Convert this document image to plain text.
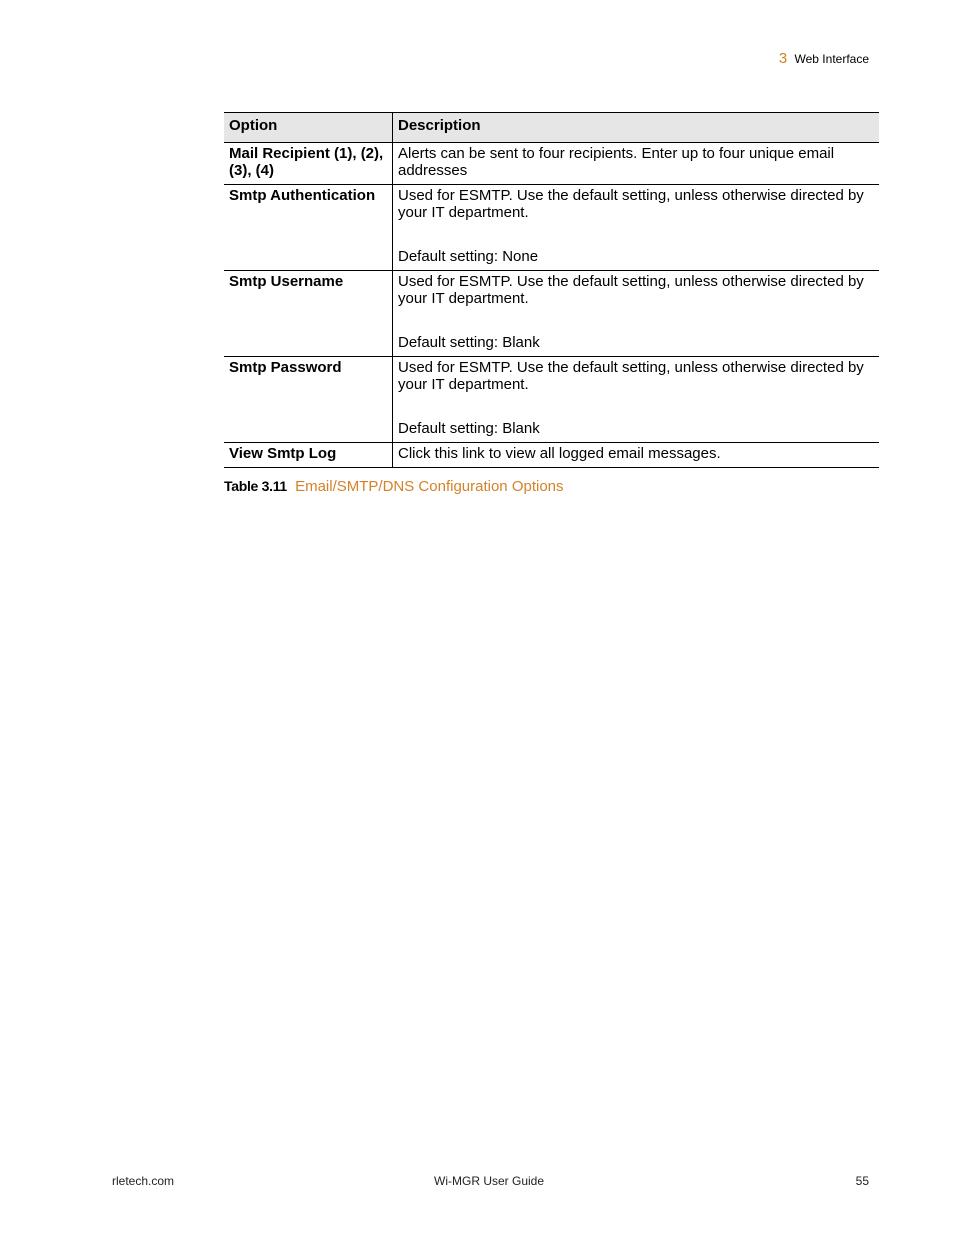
3 Web Interface
Option	Description
Mail Recipient (1), (2), (3), (4)	Alerts can be sent to four recipients. Enter up to four unique email addresses

Smtp Authentication	Used for ESMTP. Use the default setting, unless otherwise directed by your IT department.
Default setting: None

Smtp Username	Used for ESMTP. Use the default setting, unless otherwise directed by your IT department.
Default setting: Blank

Smtp Password	Used for ESMTP. Use the default setting, unless otherwise directed by your IT department.
Default setting: Blank

View Smtp Log	Click this link to view all logged email messages.
Table 3.11 Email/SMTP/DNS Configuration Options
rletech.com	Wi-MGR User Guide	55
